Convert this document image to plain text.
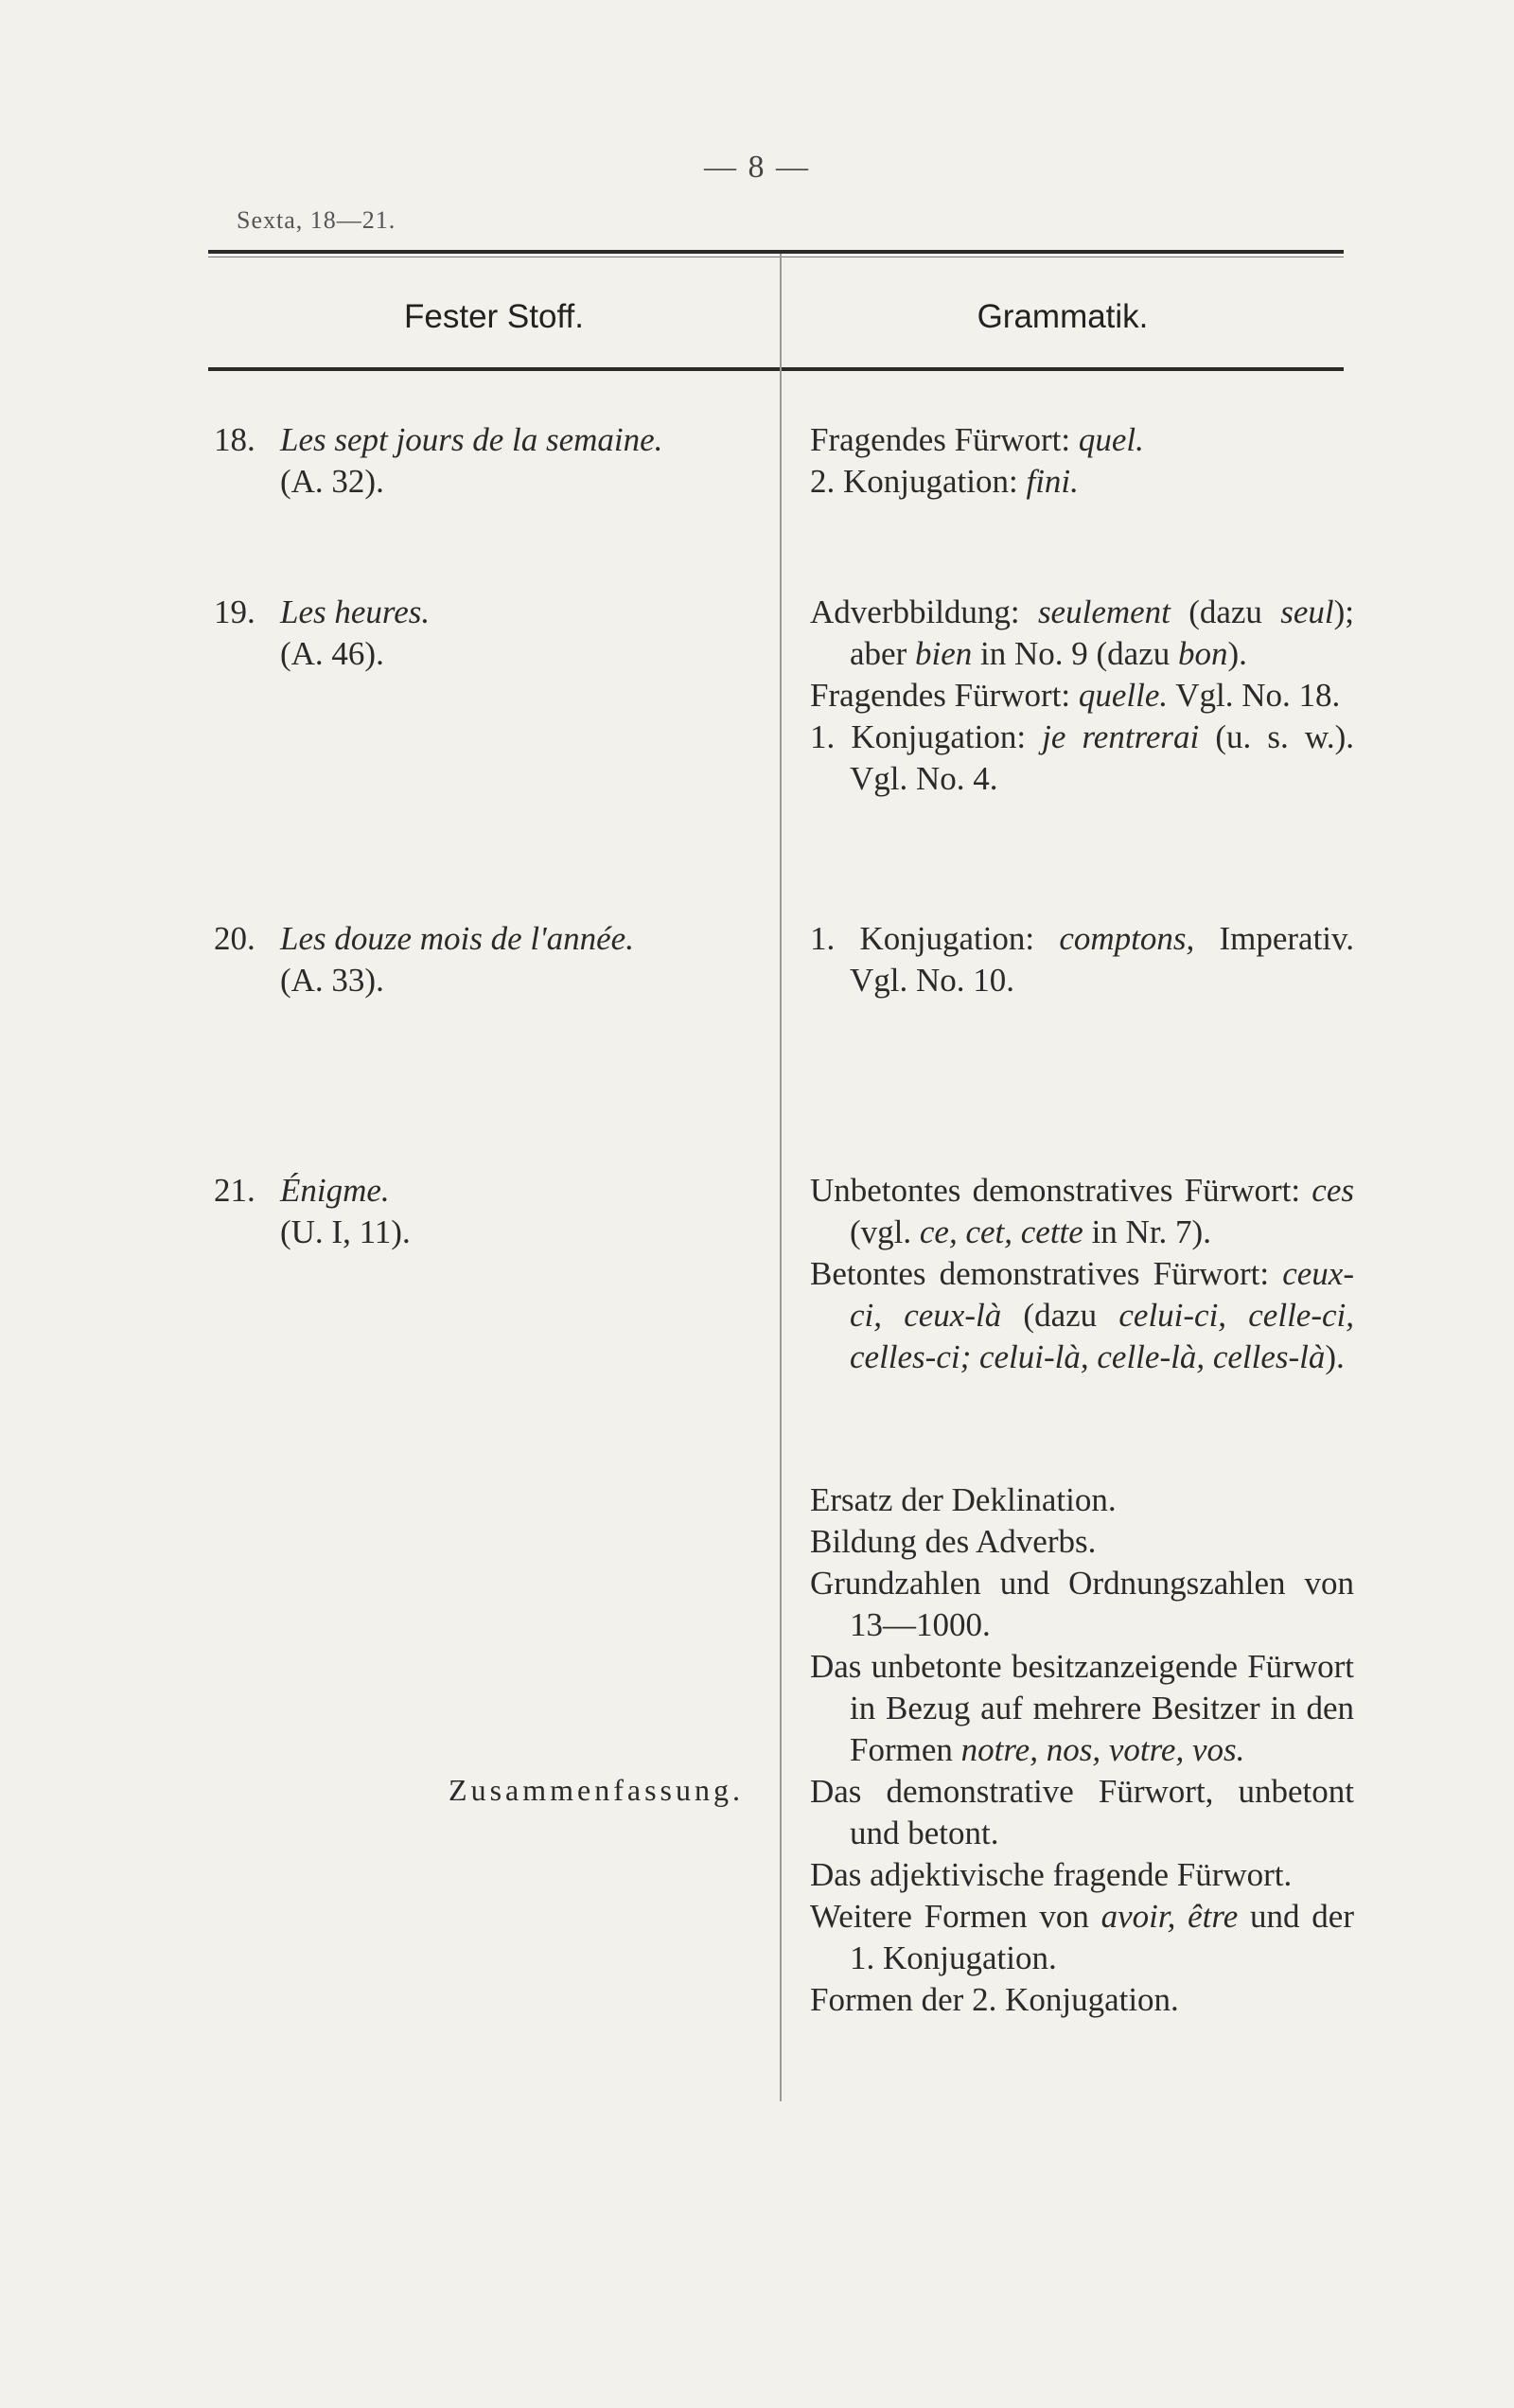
— 8 —
Sexta, 18—21.
Fester Stoff.	Grammatik.
18. Les sept jours de la semaine.
(A. 32).
19. Les heures.
(A. 46).
20. Les douze mois de l'année.
(A. 33).
21. Énigme.
(U. I, 11).
Zusammenfassung.
Fragendes Fürwort: quel.
2. Konjugation: fini.
Adverbbildung: seulement (dazu seul); aber bien in No. 9 (dazu bon).
Fragendes Fürwort: quelle. Vgl. No. 18.
1. Konjugation: je rentrerai (u. s. w.). Vgl. No. 4.
1. Konjugation: comptons, Imperativ. Vgl. No. 10.
Unbetontes demonstratives Fürwort: ces (vgl. ce, cet, cette in Nr. 7).
Betontes demonstratives Fürwort: ceux-ci, ceux-là (dazu celui-ci, celle-ci, celles-ci; celui-là, celle-là, celles-là).
Ersatz der Deklination.
Bildung des Adverbs.
Grundzahlen und Ordnungszahlen von 13—1000.
Das unbetonte besitzanzeigende Fürwort in Bezug auf mehrere Besitzer in den Formen notre, nos, votre, vos.
Das demonstrative Fürwort, unbetont und betont.
Das adjektivische fragende Fürwort.
Weitere Formen von avoir, être und der 1. Konjugation.
Formen der 2. Konjugation.
